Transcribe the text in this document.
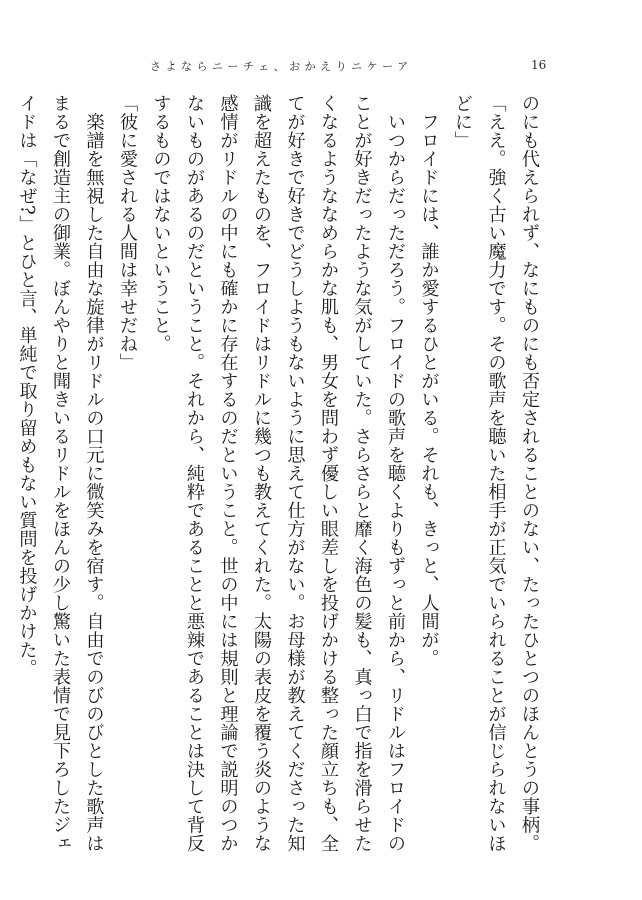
さよならニーチェ、おかえりニケーア	16
のにも代えられず、なにものにも否定されることのない、たったひとつのほんとうの事柄。
「ええ。強く古い魔力です。その歌声を聴いた相手が正気でいられることが信じられないほ
どに」
　フロイドには、誰か愛するひとがいる。それも、きっと、人間が。
　いつからだっただろう。フロイドの歌声を聴くよりもずっと前から、リドルはフロイドの
ことが好きだったような気がしていた。さらさらと靡く海色の髪も、真っ白で指を滑らせた
くなるようななめらかな肌も、男女を問わず優しい眼差しを投げかける整った顔立ちも、全
てが好きで好きでどうしようもないように思えて仕方がない。お母様が教えてくださった知
識を超えたものを、フロイドはリドルに幾つも教えてくれた。太陽の表皮を覆う炎のような
感情がリドルの中にも確かに存在するのだということ。世の中には規則と理論で説明のつか
ないものがあるのだということ。それから、純粋であることと悪辣であることは決して背反
するものではないということ。
「彼に愛される人間は幸せだね」
　楽譜を無視した自由な旋律がリドルの口元に微笑みを宿す。自由でのびのびとした歌声は
まるで創造主の御業。ぼんやりと聞きいるリドルをほんの少し驚いた表情で見下ろしたジェ
イドは「なぜ?」とひと言、単純で取り留めもない質問を投げかけた。
